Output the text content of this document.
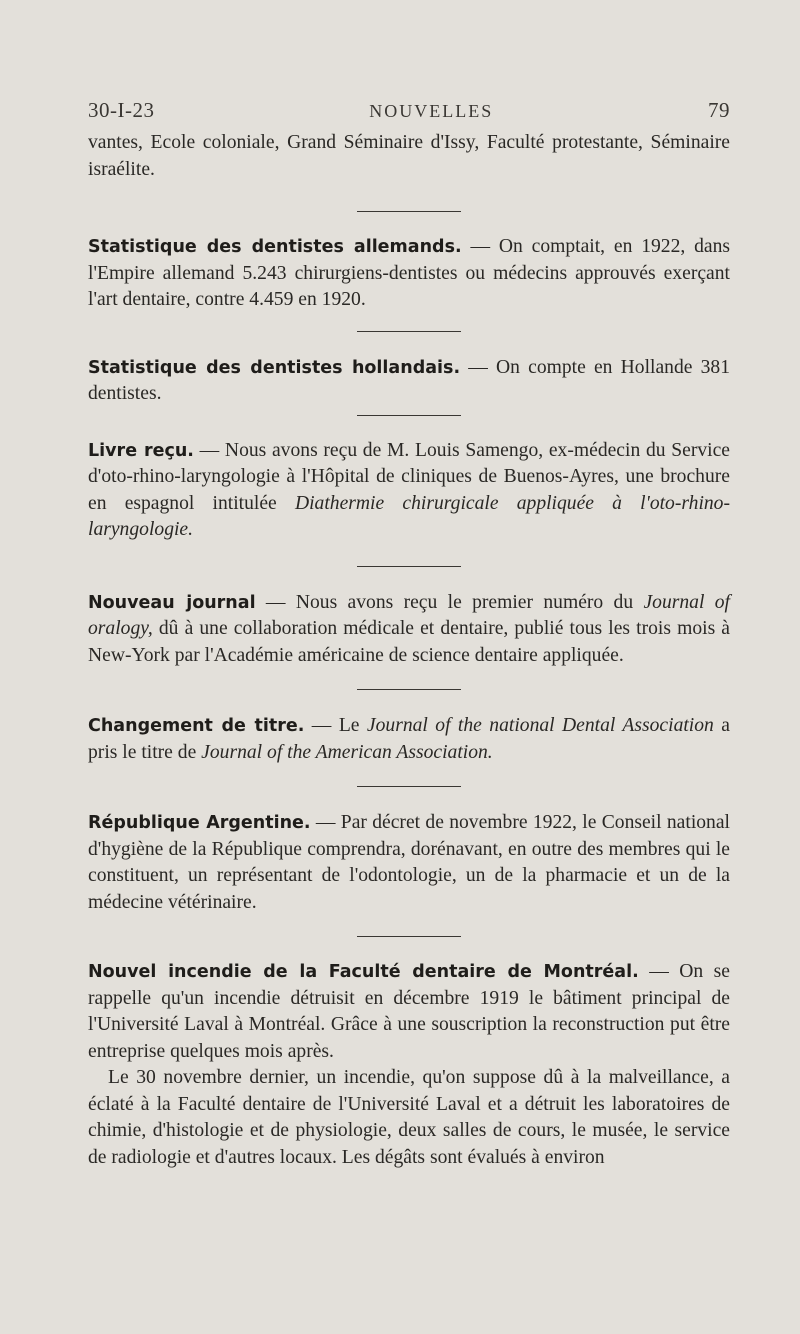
30-I-23	NOUVELLES	79

vantes, Ecole coloniale, Grand Séminaire d'Issy, Faculté protestante, Séminaire israélite.

Statistique des dentistes allemands. — On comptait, en 1922, dans l'Empire allemand 5.243 chirurgiens-dentistes ou médecins approuvés exerçant l'art dentaire, contre 4.459 en 1920.

Statistique des dentistes hollandais. — On compte en Hollande 381 dentistes.

Livre reçu. — Nous avons reçu de M. Louis Samengo, ex-médecin du Service d'oto-rhino-laryngologie à l'Hôpital de cliniques de Buenos-Ayres, une brochure en espagnol intitulée Diathermie chirurgicale appliquée à l'oto-rhino-laryngologie.

Nouveau journal — Nous avons reçu le premier numéro du Journal of oralogy, dû à une collaboration médicale et dentaire, publié tous les trois mois à New-York par l'Académie américaine de science dentaire appliquée.

Changement de titre. — Le Journal of the national Dental Association a pris le titre de Journal of the American Association.

République Argentine. — Par décret de novembre 1922, le Conseil national d'hygiène de la République comprendra, dorénavant, en outre des membres qui le constituent, un représentant de l'odontologie, un de la pharmacie et un de la médecine vétérinaire.

Nouvel incendie de la Faculté dentaire de Montréal. — On se rappelle qu'un incendie détruisit en décembre 1919 le bâtiment principal de l'Université Laval à Montréal. Grâce à une souscription la reconstruction put être entreprise quelques mois après.

Le 30 novembre dernier, un incendie, qu'on suppose dû à la malveillance, a éclaté à la Faculté dentaire de l'Université Laval et a détruit les laboratoires de chimie, d'histologie et de physiologie, deux salles de cours, le musée, le service de radiologie et d'autres locaux. Les dégâts sont évalués à environ
